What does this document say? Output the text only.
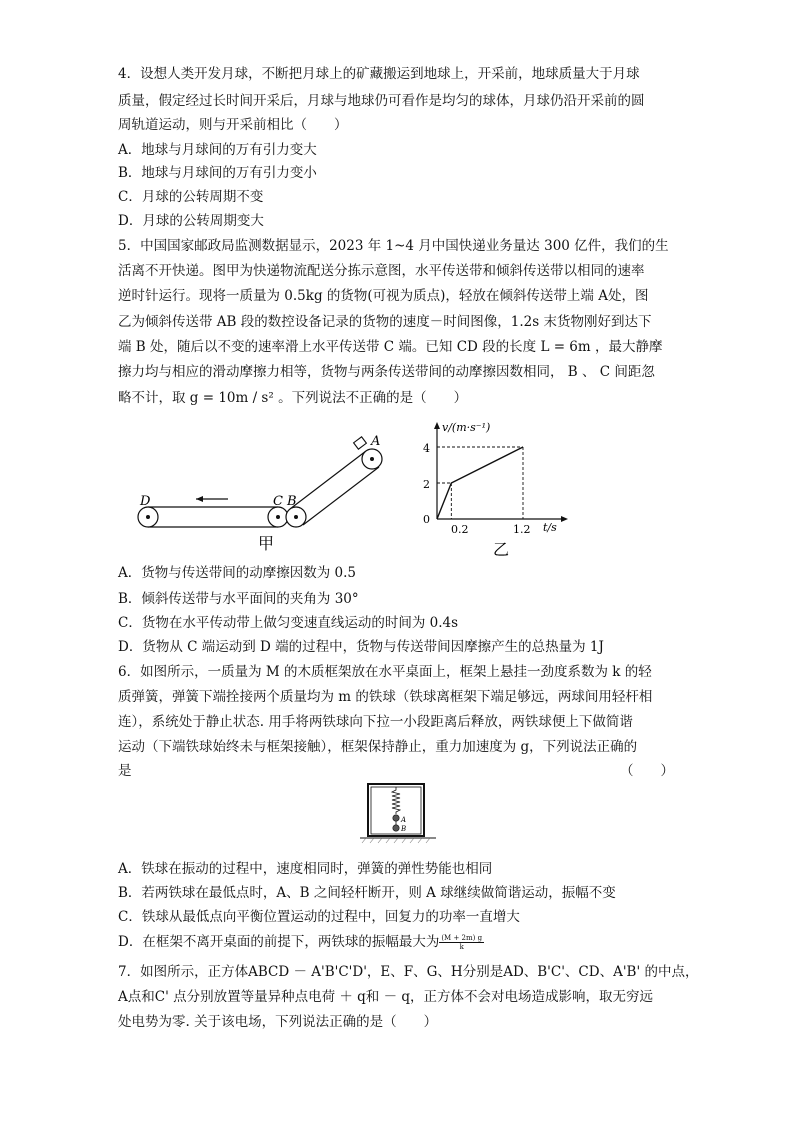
4．设想人类开发月球，不断把月球上的矿藏搬运到地球上，开采前，地球质量大于月球
质量，假定经过长时间开采后，月球与地球仍可看作是均匀的球体，月球仍沿开采前的圆
周轨道运动，则与开采前相比（　　）
A．地球与月球间的万有引力变大
B．地球与月球间的万有引力变小
C．月球的公转周期不变
D．月球的公转周期变大
5．中国国家邮政局监测数据显示，2023 年 1~4 月中国快递业务量达 300 亿件，我们的生
活离不开快递。图甲为快递物流配送分拣示意图，水平传送带和倾斜传送带以相同的速率
逆时针运行。现将一质量为 0.5kg 的货物(可视为质点)，轻放在倾斜传送带上端 A处，图
乙为倾斜传送带 AB 段的数控设备记录的货物的速度－时间图像，1.2s 末货物刚好到达下
端 B 处，随后以不变的速率滑上水平传送带 C 端。已知 CD 段的长度 L = 6m ，最大静摩
擦力均与相应的滑动摩擦力相等，货物与两条传送带间的动摩擦因数相同， B 、 C 间距忽
略不计，取 g = 10m / s² 。下列说法不正确的是（　　）
D	C B
A
甲
v/(m·s⁻¹)
t/s
4
2
0
0.2	1.2
乙
A．货物与传送带间的动摩擦因数为 0.5
B．倾斜传送带与水平面间的夹角为 30°
C．货物在水平传动带上做匀变速直线运动的时间为 0.4s
D．货物从 C 端运动到 D 端的过程中，货物与传送带间因摩擦产生的总热量为 1J
6．如图所示，一质量为 M 的木质框架放在水平桌面上，框架上悬挂一劲度系数为 k 的轻
质弹簧，弹簧下端拴接两个质量均为 m 的铁球（铁球离框架下端足够远，两球间用轻杆相
连），系统处于静止状态. 用手将两铁球向下拉一小段距离后释放，两铁球便上下做简谐
运动（下端铁球始终未与框架接触），框架保持静止，重力加速度为 g，下列说法正确的
是	（　　）
A
B
A．铁球在振动的过程中，速度相同时，弹簧的弹性势能也相同
B．若两铁球在最低点时，A、B 之间轻杆断开，则 A 球继续做简谐运动，振幅不变
C．铁球从最低点向平衡位置运动的过程中，回复力的功率一直增大
D．在框架不离开桌面的前提下，两铁球的振幅最大为 $\frac{(M + 2m) g}{k}$
7．如图所示，正方体ABCD － A'B'C'D'，E、F、G、H分别是AD、B'C'、CD、A'B' 的中点，
A点和C' 点分别放置等量异种点电荷 ＋ q和 － q，正方体不会对电场造成影响，取无穷远
处电势为零. 关于该电场，下列说法正确的是（　　）
